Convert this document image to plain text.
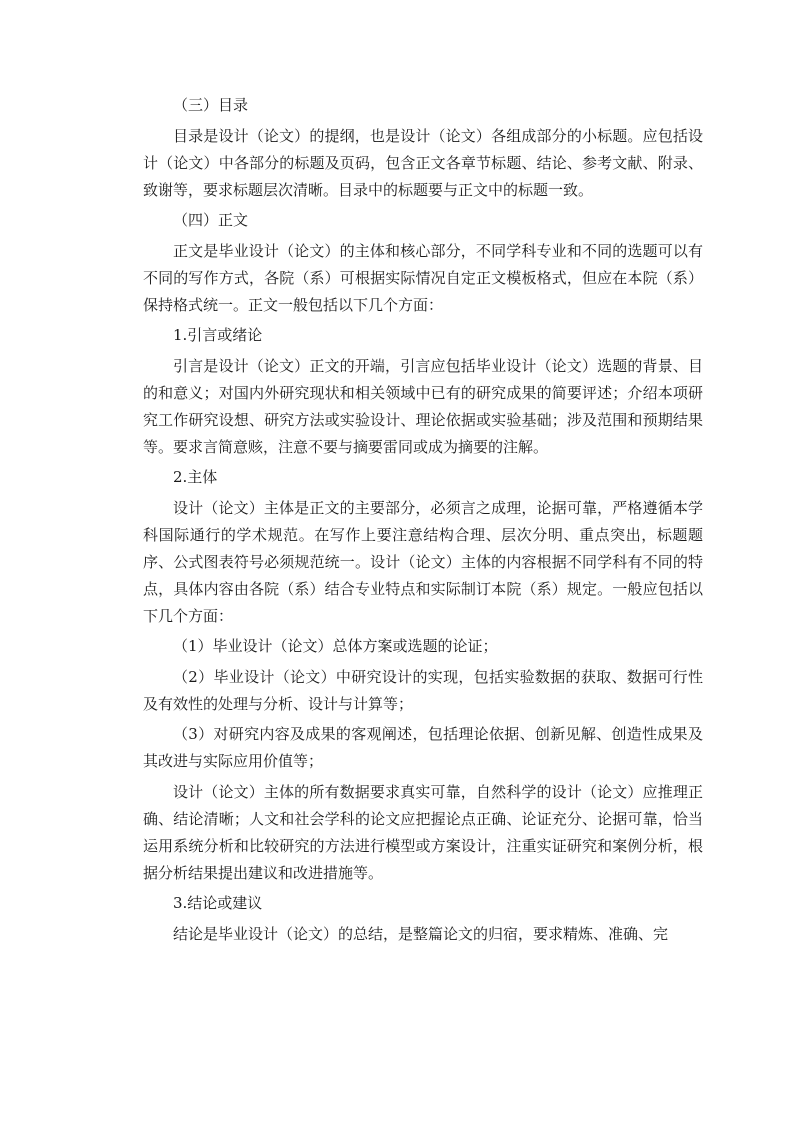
（三）目录

目录是设计（论文）的提纲，也是设计（论文）各组成部分的小标题。应包括设计（论文）中各部分的标题及页码，包含正文各章节标题、结论、参考文献、附录、致谢等，要求标题层次清晰。目录中的标题要与正文中的标题一致。

（四）正文

正文是毕业设计（论文）的主体和核心部分，不同学科专业和不同的选题可以有不同的写作方式，各院（系）可根据实际情况自定正文模板格式，但应在本院（系）保持格式统一。正文一般包括以下几个方面：

1.引言或绪论

引言是设计（论文）正文的开端，引言应包括毕业设计（论文）选题的背景、目的和意义；对国内外研究现状和相关领域中已有的研究成果的简要评述；介绍本项研究工作研究设想、研究方法或实验设计、理论依据或实验基础；涉及范围和预期结果等。要求言简意赅，注意不要与摘要雷同或成为摘要的注解。

2.主体

设计（论文）主体是正文的主要部分，必须言之成理，论据可靠，严格遵循本学科国际通行的学术规范。在写作上要注意结构合理、层次分明、重点突出，标题题序、公式图表符号必须规范统一。设计（论文）主体的内容根据不同学科有不同的特点，具体内容由各院（系）结合专业特点和实际制订本院（系）规定。一般应包括以下几个方面：

（1）毕业设计（论文）总体方案或选题的论证；

（2）毕业设计（论文）中研究设计的实现，包括实验数据的获取、数据可行性及有效性的处理与分析、设计与计算等；

（3）对研究内容及成果的客观阐述，包括理论依据、创新见解、创造性成果及其改进与实际应用价值等；

设计（论文）主体的所有数据要求真实可靠，自然科学的设计（论文）应推理正确、结论清晰；人文和社会学科的论文应把握论点正确、论证充分、论据可靠，恰当运用系统分析和比较研究的方法进行模型或方案设计，注重实证研究和案例分析，根据分析结果提出建议和改进措施等。

3.结论或建议

结论是毕业设计（论文）的总结，是整篇论文的归宿，要求精炼、准确、完
